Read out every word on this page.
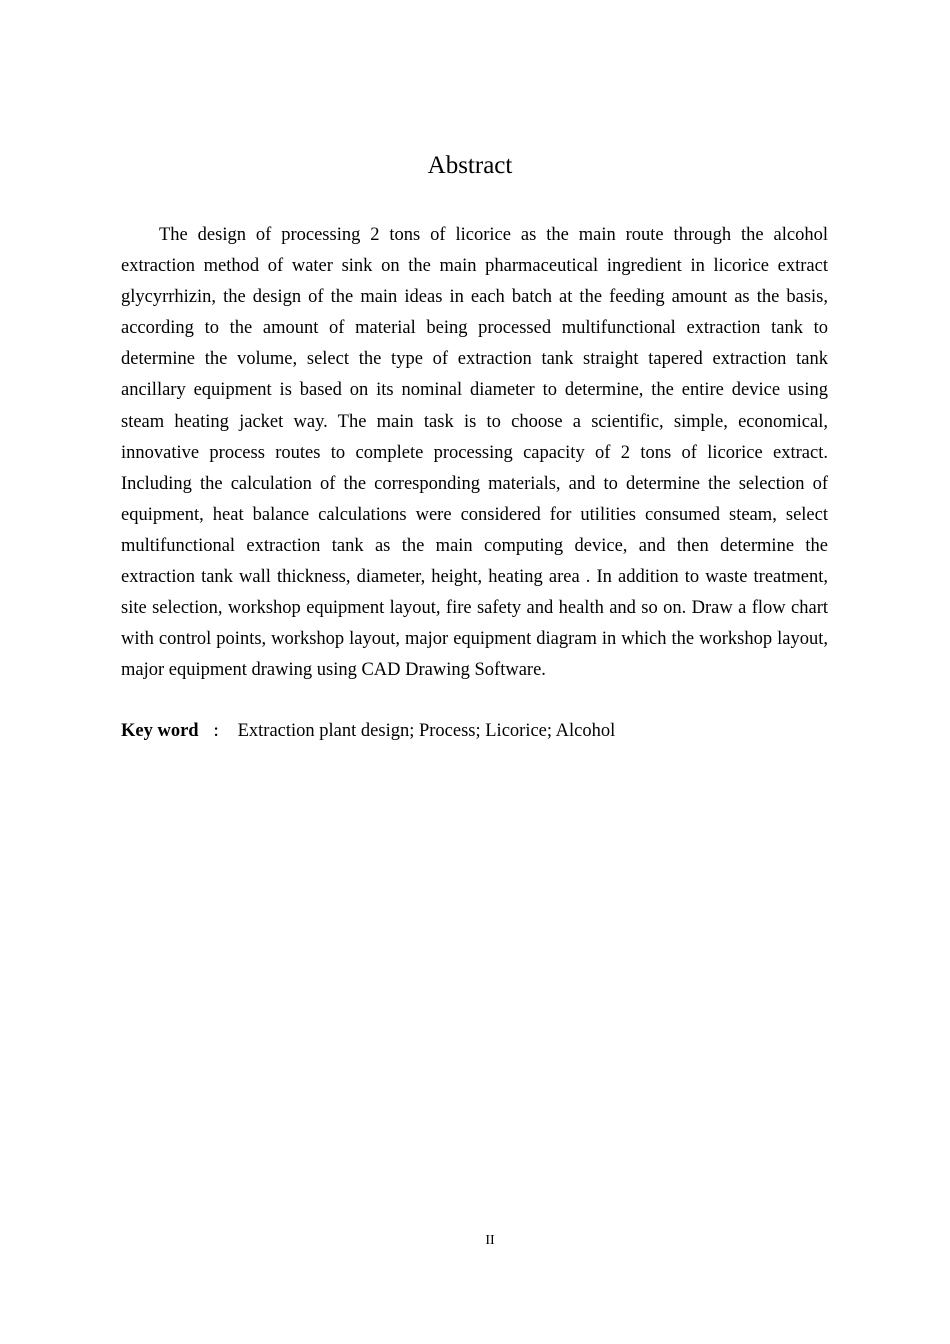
Abstract

The design of processing 2 tons of licorice as the main route through the alcohol extraction method of water sink on the main pharmaceutical ingredient in licorice extract glycyrrhizin, the design of the main ideas in each batch at the feeding amount as the basis, according to the amount of material being processed multifunctional extraction tank to determine the volume, select the type of extraction tank straight tapered extraction tank ancillary equipment is based on its nominal diameter to determine, the entire device using steam heating jacket way. The main task is to choose a scientific, simple, economical, innovative process routes to complete processing capacity of 2 tons of licorice extract. Including the calculation of the corresponding materials, and to determine the selection of equipment, heat balance calculations were considered for utilities consumed steam, select multifunctional extraction tank as the main computing device, and then determine the extraction tank wall thickness, diameter, height, heating area . In addition to waste treatment, site selection, workshop equipment layout, fire safety and health and so on. Draw a flow chart with control points, workshop layout, major equipment diagram in which the workshop layout, major equipment drawing using CAD Drawing Software.

Key word ： Extraction plant design; Process; Licorice; Alcohol

II
